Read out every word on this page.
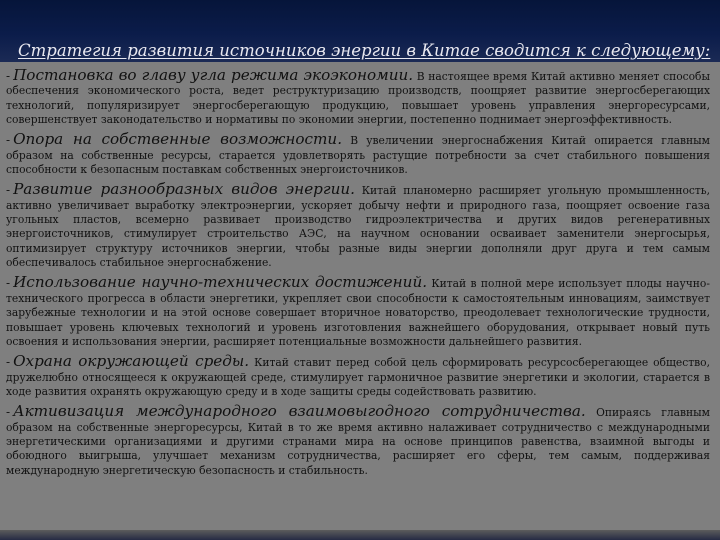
Стратегия развития источников энергии в Китае сводится к следующему:

- Постановка во главу угла режима экоэкономии. В настоящее время Китай активно меняет способы обеспечения экономического роста, ведет реструктуризацию производств, поощряет развитие энергосберегающих технологий, популяризирует энергосберегающую продукцию, повышает уровень управления энергоресурсами, совершенствует законодательство и нормативы по экономии энергии, постепенно поднимает энергоэффективность.

- Опора на собственные возможности. В увеличении энергоснабжения Китай опирается главным образом на собственные ресурсы, старается удовлетворять растущие потребности за счет стабильного повышения способности к безопасным поставкам собственных энергоисточников.

- Развитие разнообразных видов энергии. Китай планомерно расширяет угольную промышленность, активно увеличивает выработку электроэнергии, ускоряет добычу нефти и природного газа, поощряет освоение газа угольных пластов, всемерно развивает производство гидроэлектричества и других видов регенеративных энергоисточников, стимулирует строительство АЭС, на научном основании осваивает заменители энергосырья, оптимизирует структуру источников энергии, чтобы разные виды энергии дополняли друг друга и тем самым обеспечивалось стабильное энергоснабжение.

- Использование научно-технических достижений. Китай в полной мере использует плоды научно-технического прогресса в области энергетики, укрепляет свои способности к самостоятельным инновациям, заимствует зарубежные технологии и на этой основе совершает вторичное новаторство, преодолевает технологические трудности, повышает уровень ключевых технологий и уровень изготовления важнейшего оборудования, открывает новый путь освоения и использования энергии, расширяет потенциальные возможности дальнейшего развития.

- Охрана окружающей среды. Китай ставит перед собой цель сформировать ресурсосберегающее общество, дружелюбно относящееся к окружающей среде, стимулирует гармоничное развитие энергетики и экологии, старается в ходе развития охранять окружающую среду и в ходе защиты среды содействовать развитию.

- Активизация международного взаимовыгодного сотрудничества. Опираясь главным образом на собственные энергоресурсы, Китай в то же время активно налаживает сотрудничество с международными энергетическими организациями и другими странами мира на основе принципов равенства, взаимной выгоды и обоюдного выигрыша, улучшает механизм сотрудничества, расширяет его сферы, тем самым, поддерживая международную энергетическую безопасность и стабильность.
